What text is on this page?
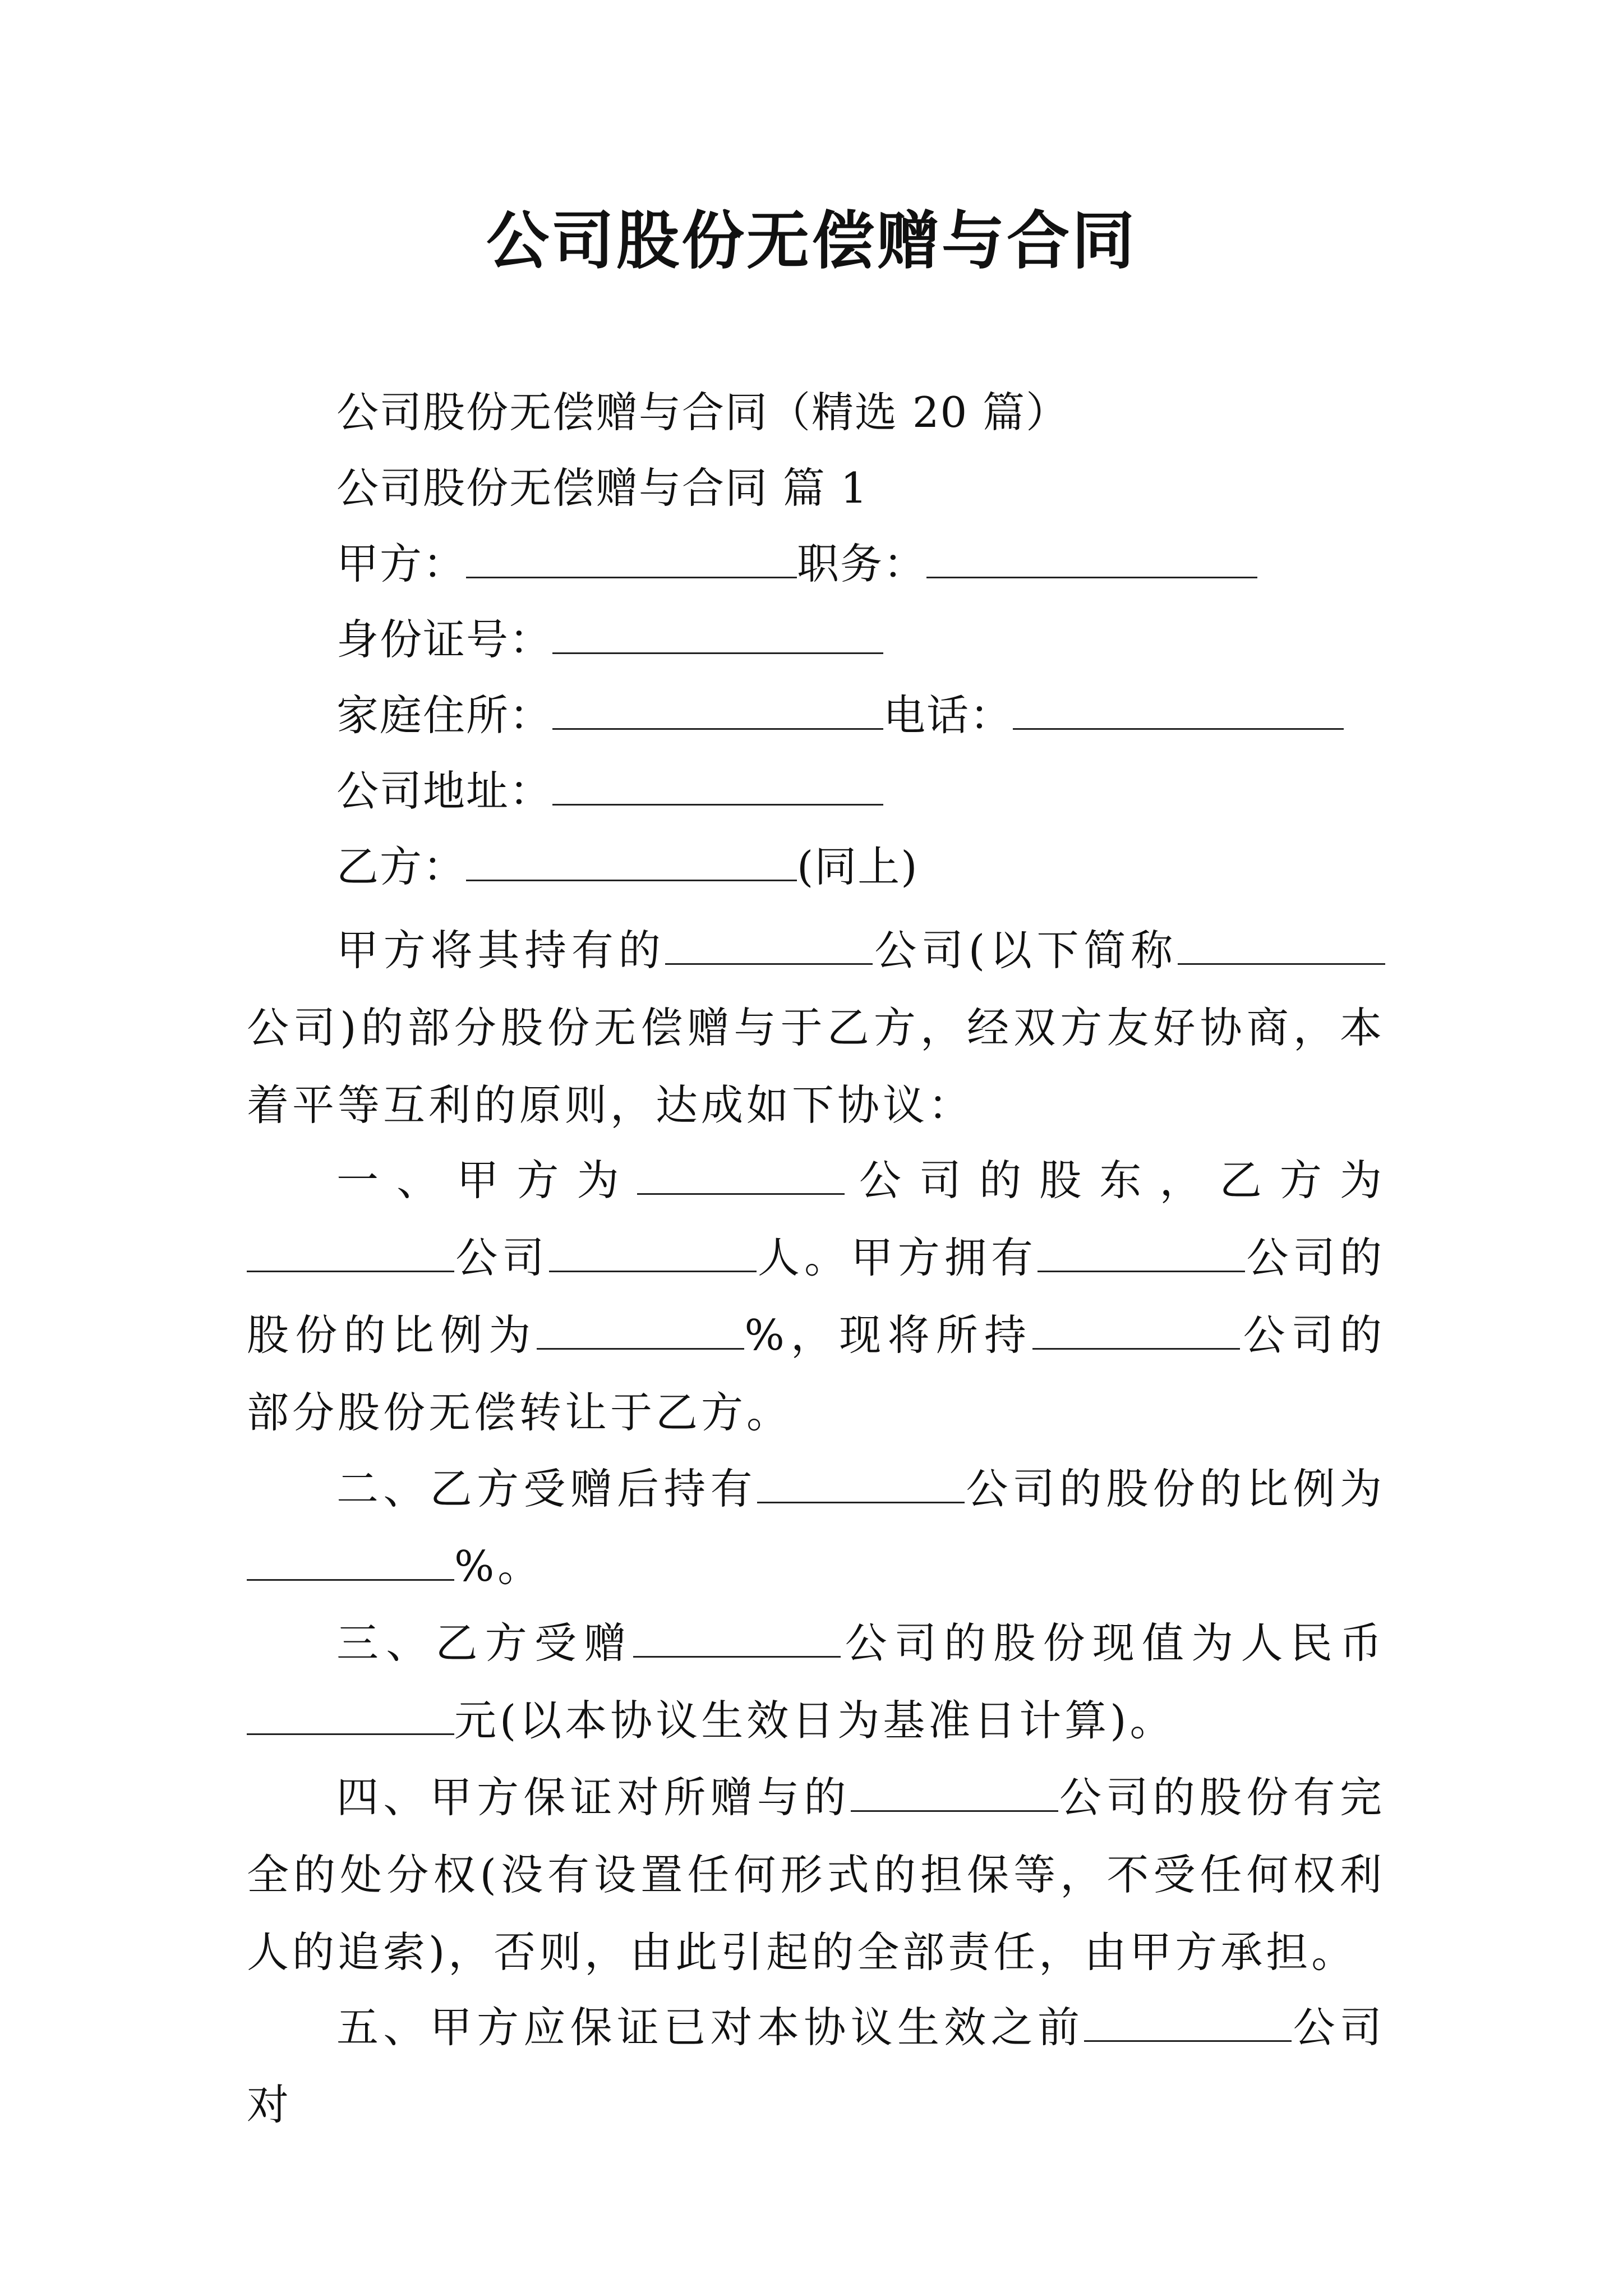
公司股份无偿赠与合同
公司股份无偿赠与合同（精选 20 篇）
公司股份无偿赠与合同 篇 1
甲方：	职务：
身份证号：
家庭住所：	电话：
公司地址：
乙方：	(同上)
甲方将其持有的	公司(以下简称公司)的部分股份无偿赠与于乙方，经双方友好协商，本着平等互利的原则，达成如下协议：
一、甲方为	公司的股东，乙方为公司	人。甲方拥有	公司的股份的比例为	%，现将所持	公司的部分股份无偿转让于乙方。
二、乙方受赠后持有	公司的股份的比例为%。
三、乙方受赠	公司的股份现值为人民币元(以本协议生效日为基准日计算)。
四、甲方保证对所赠与的	公司的股份有完全的处分权(没有设置任何形式的担保等，不受任何权利人的追索)，否则，由此引起的全部责任，由甲方承担。
五、甲方应保证已对本协议生效之前	公司对
